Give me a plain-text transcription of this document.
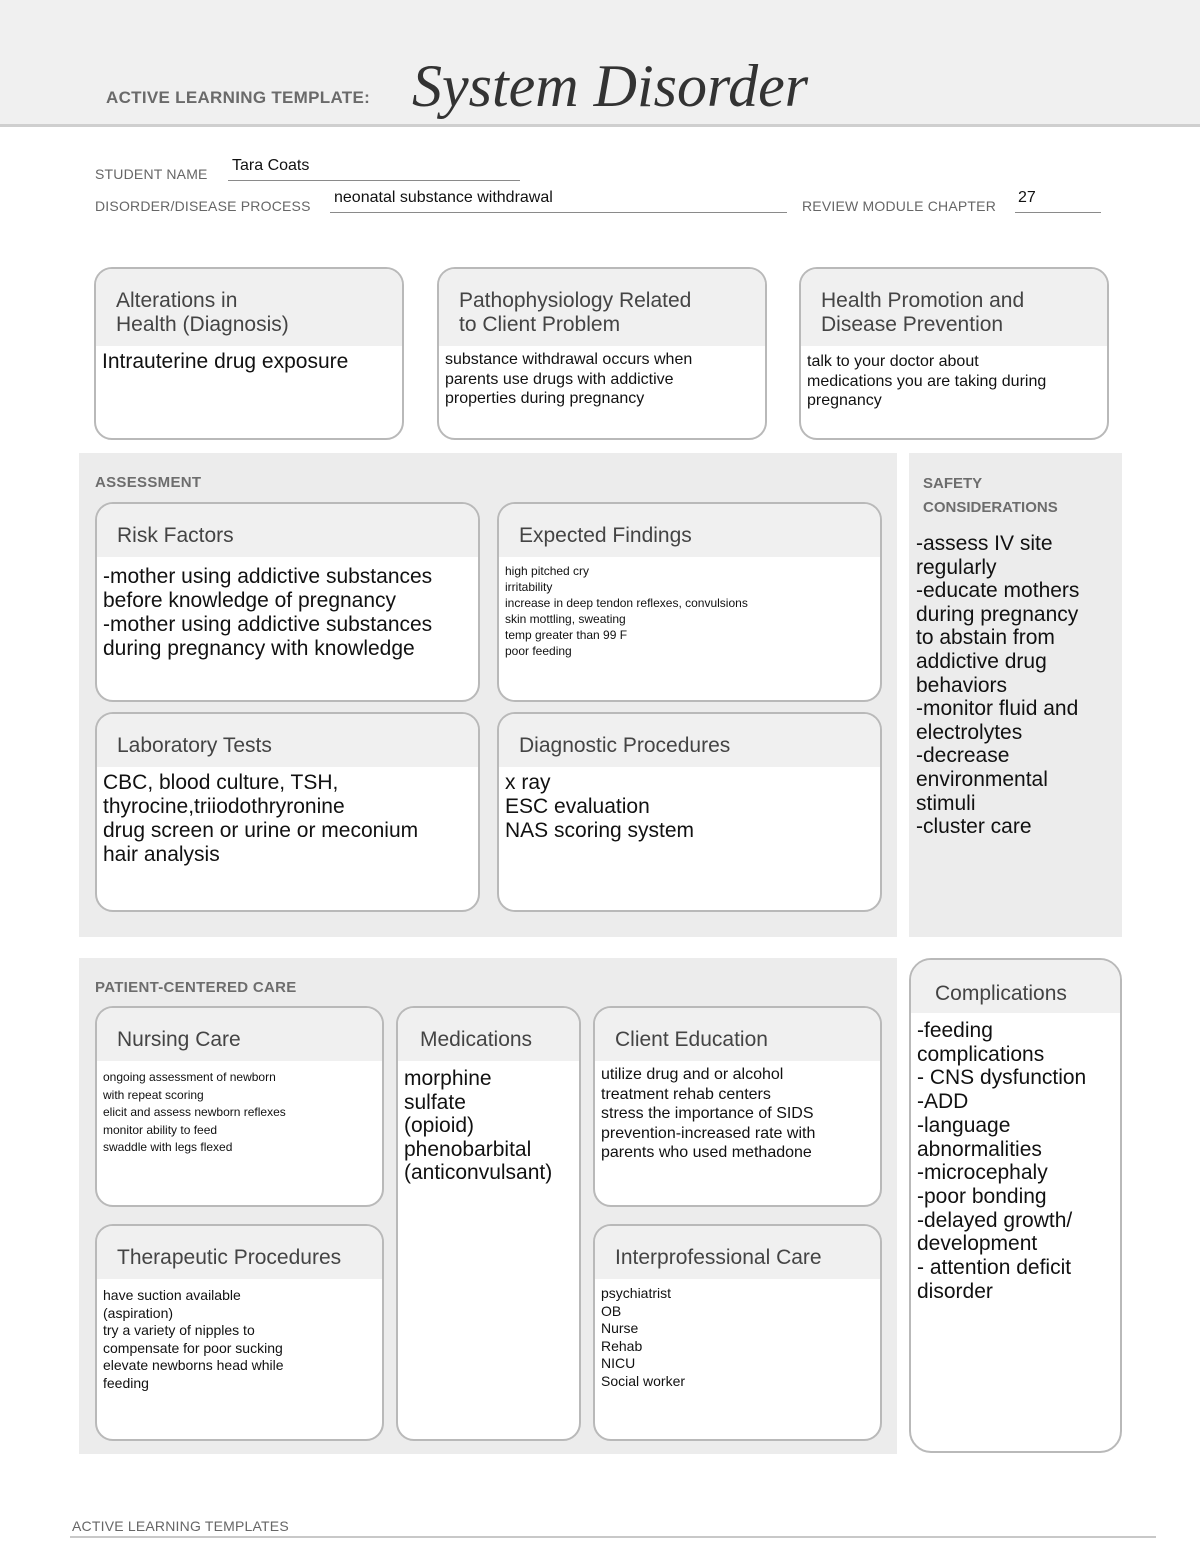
ACTIVE LEARNING TEMPLATE: System Disorder
STUDENT NAME Tara Coats
DISORDER/DISEASE PROCESS neonatal substance withdrawal	REVIEW MODULE CHAPTER 27
Alterations in
Health (Diagnosis)
Intrauterine drug exposure
Pathophysiology Related
to Client Problem
substance withdrawal occurs when
parents use drugs with addictive
properties during pregnancy
Health Promotion and
Disease Prevention
talk to your doctor about
medications you are taking during
pregnancy
ASSESSMENT
Risk Factors
-mother using addictive substances
before knowledge of pregnancy
-mother using addictive substances
during pregnancy with knowledge
Expected Findings
high pitched cry
irritability
increase in deep tendon reflexes, convulsions
skin mottling, sweating
temp greater than 99 F
poor feeding
Laboratory Tests
CBC, blood culture, TSH,
thyrocine,triiodothryronine
drug screen or urine or meconium
hair analysis
Diagnostic Procedures
x ray
ESC evaluation
NAS scoring system
SAFETY
CONSIDERATIONS
-assess IV site
regularly
-educate mothers
during pregnancy
to abstain from
addictive drug
behaviors
-monitor fluid and
electrolytes
-decrease
environmental
stimuli
-cluster care
PATIENT-CENTERED CARE
Nursing Care
ongoing assessment of newborn
with repeat scoring
elicit and assess newborn reflexes
monitor ability to feed
swaddle with legs flexed
Medications
morphine
sulfate
(opioid)
phenobarbital
(anticonvulsant)
Client Education
utilize drug and or alcohol
treatment rehab centers
stress the importance of SIDS
prevention-increased rate with
parents who used methadone
Therapeutic Procedures
have suction available
(aspiration)
try a variety of nipples to
compensate for poor sucking
elevate newborns head while
feeding
Interprofessional Care
psychiatrist
OB
Nurse
Rehab
NICU
Social worker
Complications
-feeding
complications
- CNS dysfunction
-ADD
-language
abnormalities
-microcephaly
-poor bonding
-delayed growth/
development
- attention deficit
disorder
ACTIVE LEARNING TEMPLATES
